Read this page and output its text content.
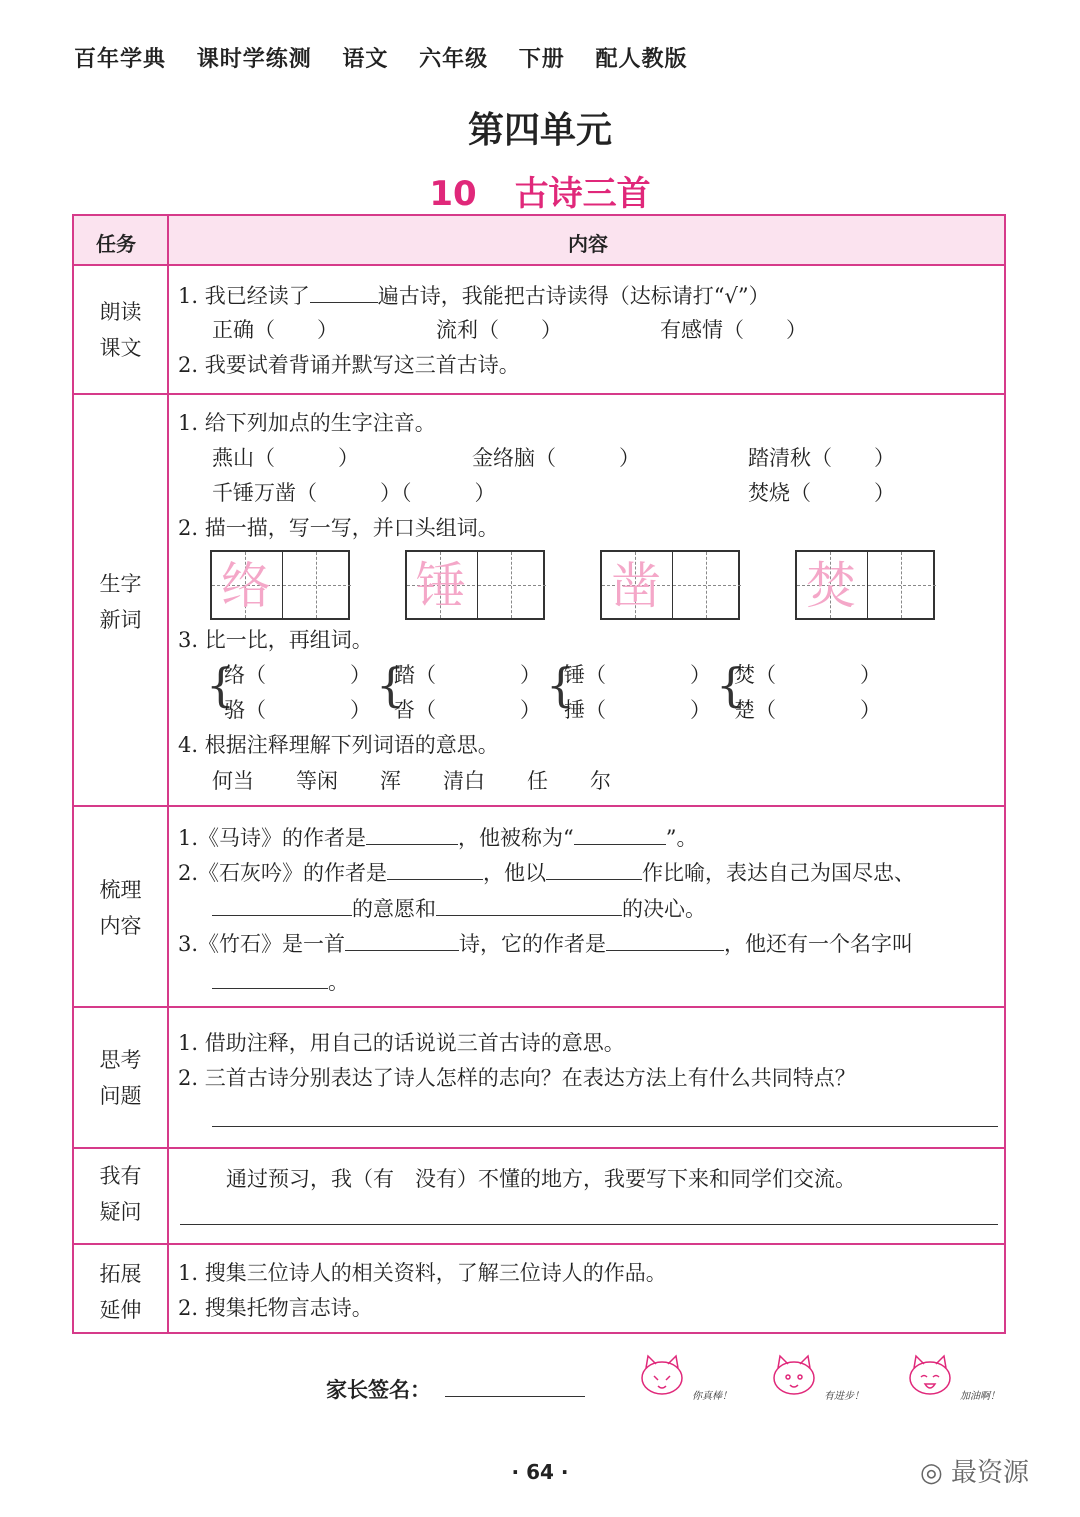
百年学典 课时学练测 语文 六年级 下册 配人教版
第四单元
10 古诗三首
任务	内容
朗读
课文
1. 我已经读了	遍古诗，我能把古诗读得（达标请打“√”）
正确（　　）	流利（　　）	有感情（　　）
2. 我要试着背诵并默写这三首古诗。
生字
新词
1. 给下列加点的生字注音。
燕山（　　　）	金络脑（　　　）	踏清秋（　　）
千锤万凿（　　　）（　　　）	焚烧（　　　）
2. 描一描，写一写，并口头组词。
络	锤	凿	焚
3. 比一比，再组词。
{
络（　　　　）
骆（　　　　） {
踏（　　　　）
沓（　　　　） {
锤（　　　　）
捶（　　　　） {
焚（　　　　）
楚（　　　　）
4. 根据注释理解下列词语的意思。
何当　　等闲　　浑　　清白　　任　　尔
梳理
内容
1.《马诗》的作者是	，他被称为“	”。
2.《石灰吟》的作者是	，他以	作比喻，表达自己为国尽忠、
的意愿和	的决心。
3.《竹石》是一首	诗，它的作者是	，他还有一个名字叫
。
思考
问题
1. 借助注释，用自己的话说说三首古诗的意思。
2. 三首古诗分别表达了诗人怎样的志向？在表达方法上有什么共同特点？
我有
疑问
通过预习，我（有　没有）不懂的地方，我要写下来和同学们交流。
拓展
延伸
1. 搜集三位诗人的相关资料，了解三位诗人的作品。
2. 搜集托物言志诗。
家长签名：	你真棒！	有进步！	加油啊！
· 64 ·	◎ 最资源
